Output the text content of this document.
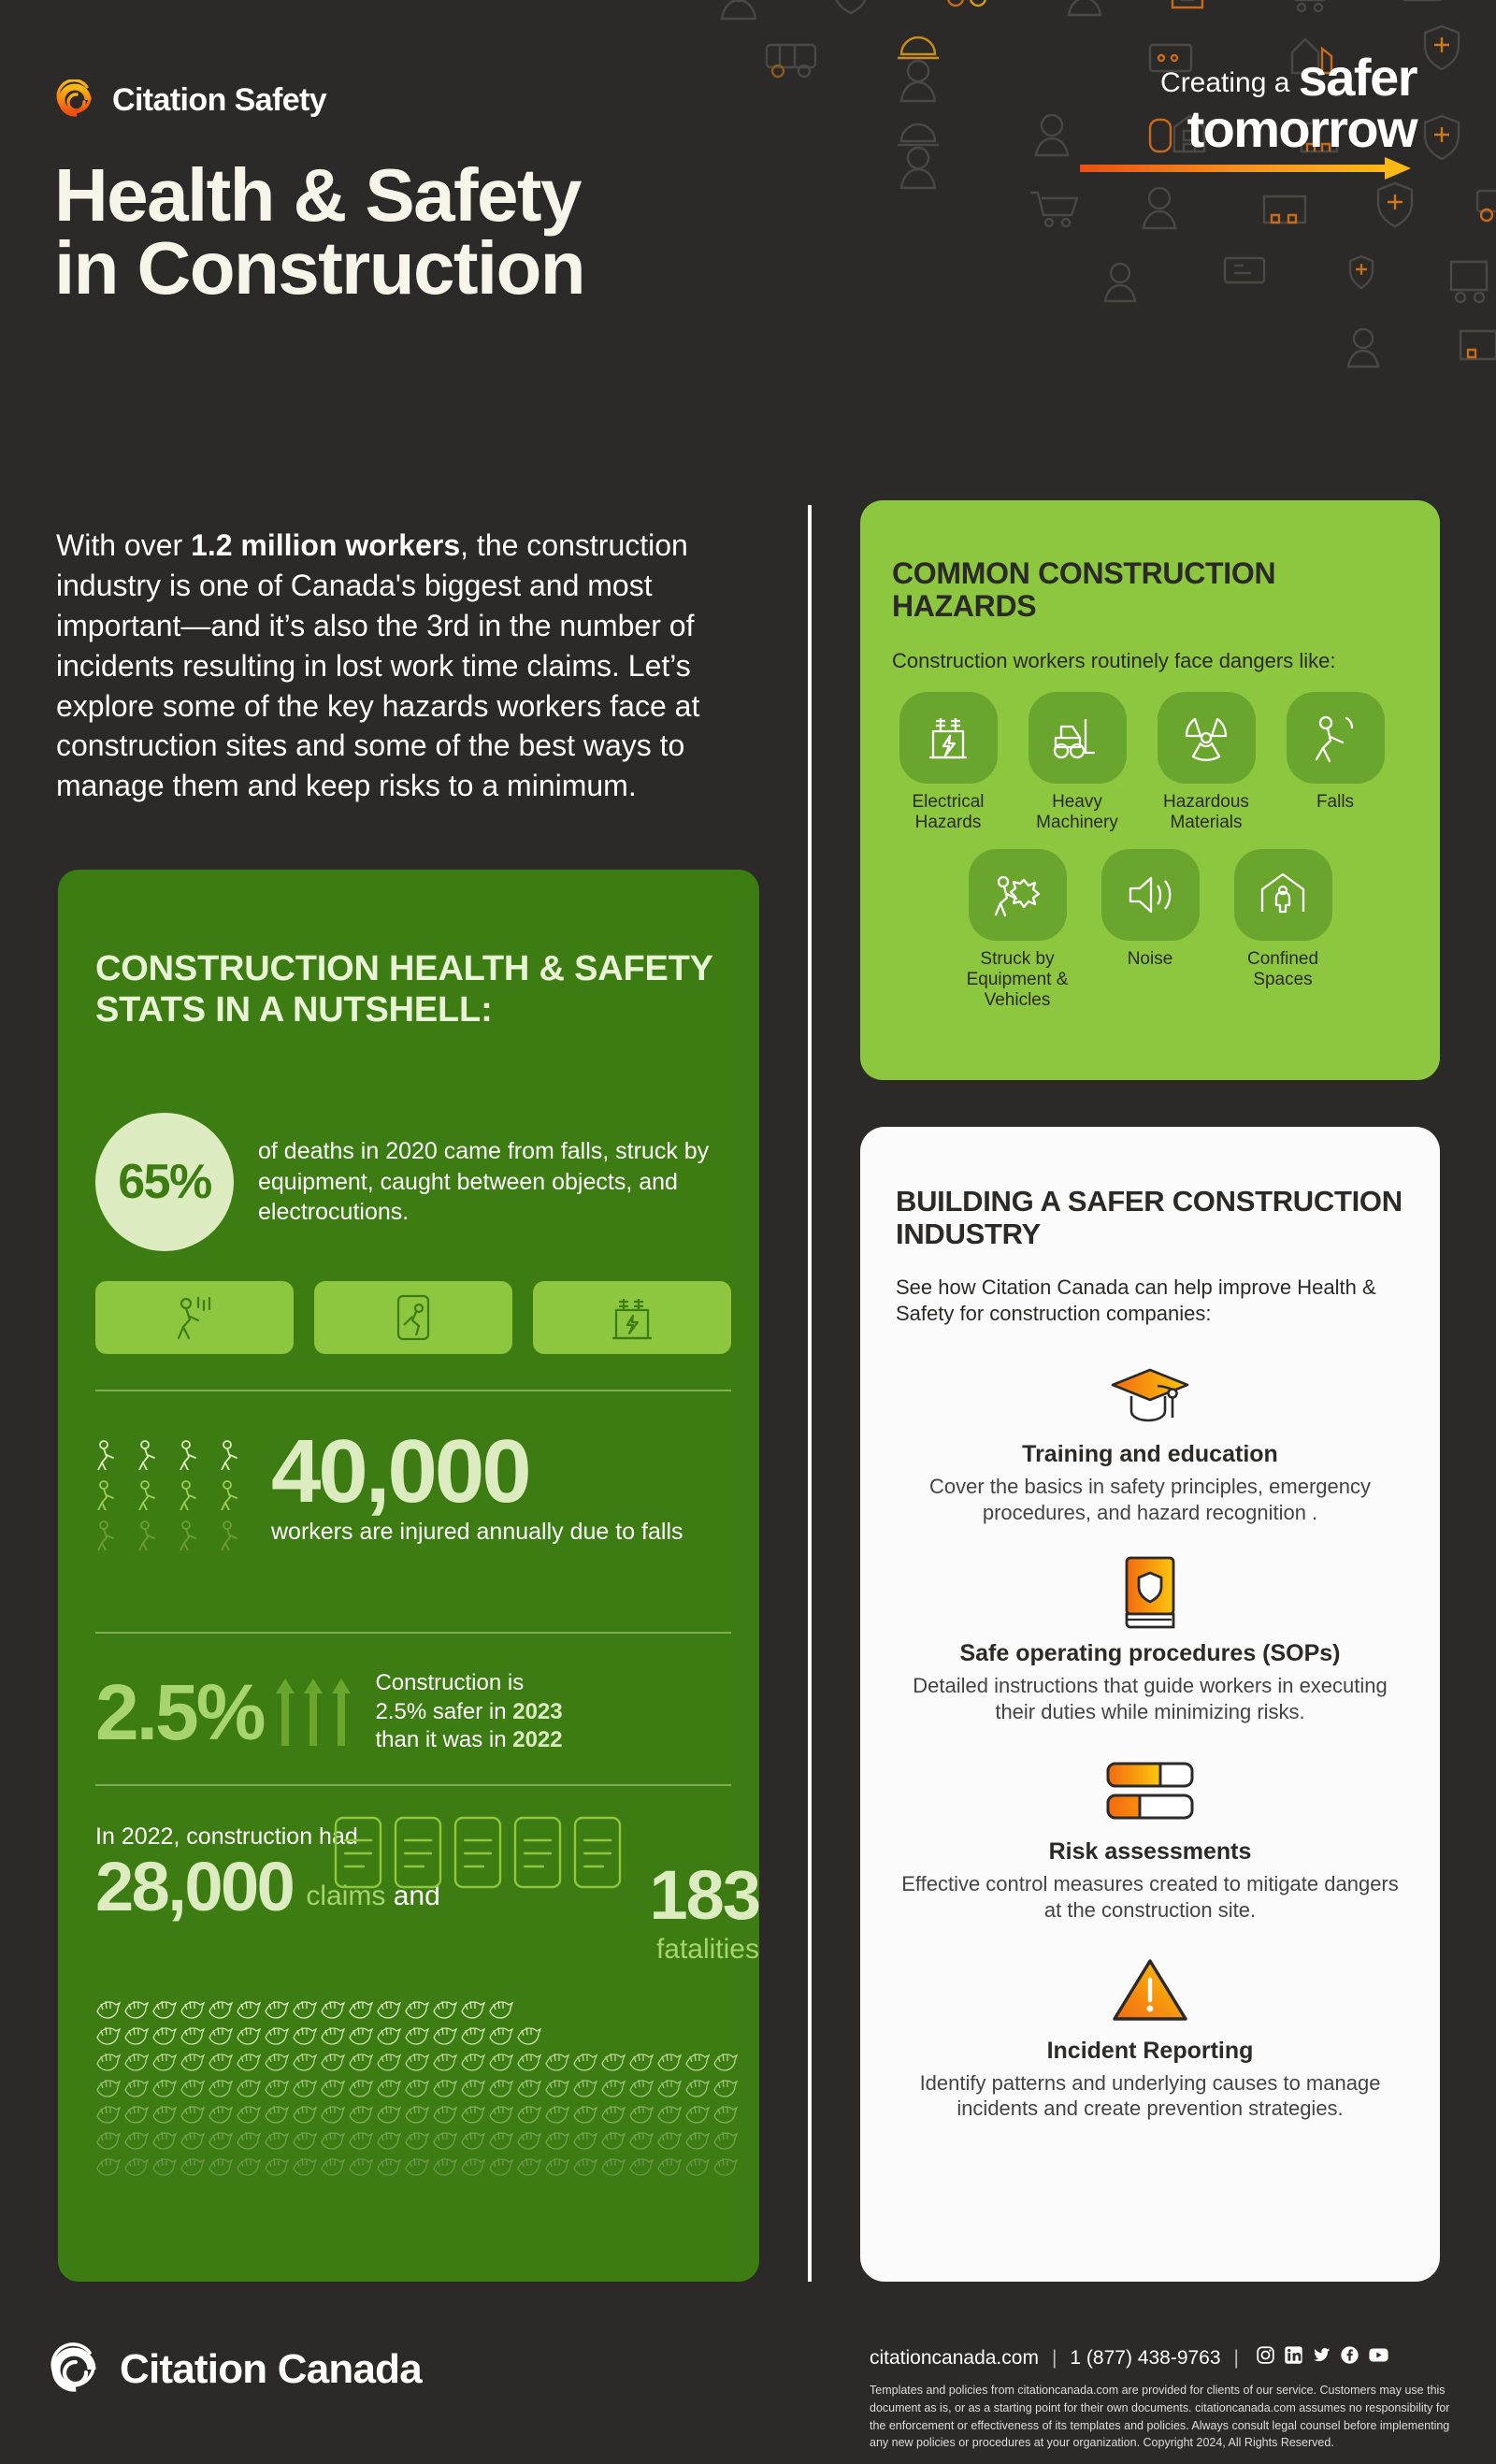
Citation Safety
Health & Safety
in Construction
Creating a safer
tomorrow

With over 1.2 million workers, the construction industry is one of Canada's biggest and most important—and it’s also the 3rd in the number of incidents resulting in lost work time claims. Let’s explore some of the key hazards workers face at construction sites and some of the best ways to manage them and keep risks to a minimum.

CONSTRUCTION HEALTH & SAFETY STATS IN A NUTSHELL:
65%
of deaths in 2020 came from falls, struck by equipment, caught between objects, and electrocutions.
40,000
workers are injured annually due to falls
2.5%	Construction is
2.5% safer in 2023
than it was in 2022
In 2022, construction had
28,000 claims and	183
fatalities
COMMON CONSTRUCTION HAZARDS
Construction workers routinely face dangers like:
Electrical Hazards
Heavy Machinery
Hazardous Materials
Falls
Struck by Equipment & Vehicles
Noise	Confined Spaces
BUILDING A SAFER CONSTRUCTION INDUSTRY
See how Citation Canada can help improve Health & Safety for construction companies:
Training and education
Cover the basics in safety principles, emergency procedures, and hazard recognition .
Safe operating procedures (SOPs)
Detailed instructions that guide workers in executing their duties while minimizing risks.
Risk assessments
Effective control measures created to mitigate dangers at the construction site.
Incident Reporting
Identify patterns and underlying causes to manage incidents and create prevention strategies.
Citation Canada	citationcanada.com | 1 (877) 438-9763 |
Templates and policies from citationcanada.com are provided for clients of our service. Customers may use this document as is, or as a starting point for their own documents. citationcanada.com assumes no responsibility for the enforcement or effectiveness of its templates and policies. Always consult legal counsel before implementing any new policies or procedures at your organization. Copyright 2024, All Rights Reserved.
